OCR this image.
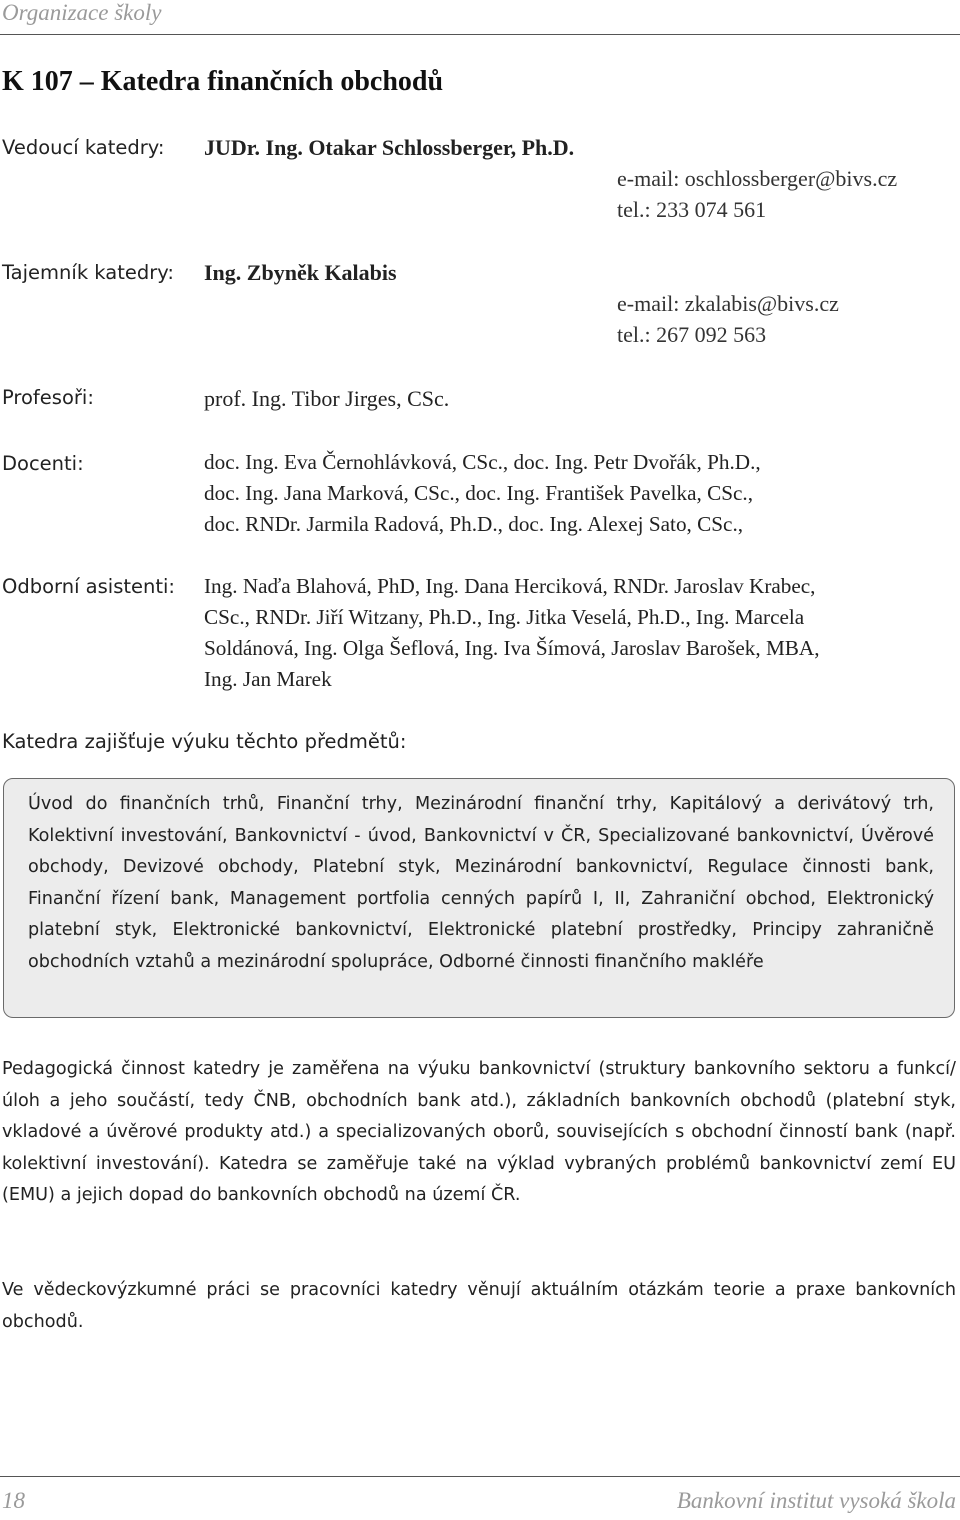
Organizace školy
K 107 – Katedra finančních obchodů
Vedoucí katedry: JUDr. Ing. Otakar Schlossberger, Ph.D.
e-mail: oschlossberger@bivs.cz
tel.: 233 074 561
Tajemník katedry: Ing. Zbyněk Kalabis
e-mail: zkalabis@bivs.cz
tel.: 267 092 563
Profesoři:	prof. Ing. Tibor Jirges, CSc.
Docenti:	doc. Ing. Eva Černohlávková, CSc., doc. Ing. Petr Dvořák, Ph.D.,
doc. Ing. Jana Marková, CSc., doc. Ing. František Pavelka, CSc.,
doc. RNDr. Jarmila Radová, Ph.D., doc. Ing. Alexej Sato, CSc.,
Odborní asistenti: Ing. Naďa Blahová, PhD, Ing. Dana Herciková, RNDr. Jaroslav Krabec,
CSc., RNDr. Jiří Witzany, Ph.D., Ing. Jitka Veselá, Ph.D., Ing. Marcela
Soldánová, Ing. Olga Šeflová, Ing. Iva Šímová, Jaroslav Barošek, MBA,
Ing. Jan Marek
Katedra zajišťuje výuku těchto předmětů:
Úvod do finančních trhů, Finanční trhy, Mezinárodní finanční trhy, Kapitálový a derivátový trh, Kolektivní investování, Bankovnictví - úvod, Bankovnictví v ČR, Specializované bankovnictví, Úvěrové obchody, Devizové obchody, Platební styk, Mezinárodní bankovnictví, Regulace činnosti bank, Finanční řízení bank, Management portfolia cenných papírů I, II, Zahraniční obchod, Elektronický platební styk, Elektronické bankovnictví, Elektronické platební prostředky, Principy zahraničně obchodních vztahů a mezinárodní spolupráce, Odborné činnosti finančního makléře
Pedagogická činnost katedry je zaměřena na výuku bankovnictví (struktury bankovního sektoru a funkcí/úloh a jeho součástí, tedy ČNB, obchodních bank atd.), základních bankovních obchodů (platební styk, vkladové a úvěrové produkty atd.) a specializovaných oborů, souvisejících s obchodní činností bank (např. kolektivní investování). Katedra se zaměřuje také na výklad vybraných problémů bankovnictví zemí EU (EMU) a jejich dopad do bankovních obchodů na území ČR.
Ve vědeckovýzkumné práci se pracovníci katedry věnují aktuálním otázkám teorie a praxe bankovních obchodů.
18	Bankovní institut vysoká škola
